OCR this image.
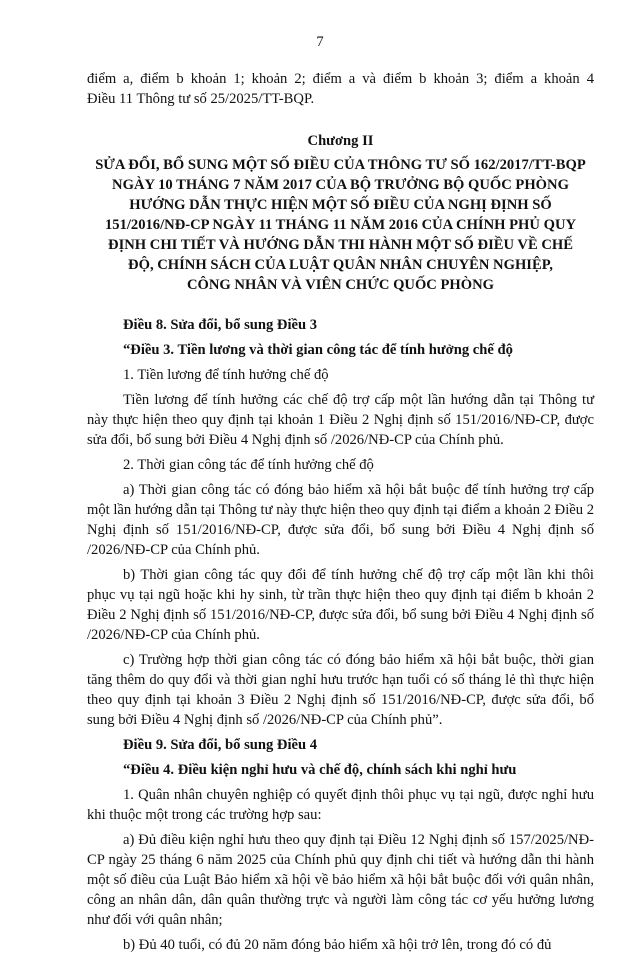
7

điểm a, điểm b khoản 1; khoản 2; điểm a và điểm b khoản 3; điểm a khoản 4

Điều 11 Thông tư số 25/2025/TT-BQP.

Chương II

SỬA ĐỔI, BỔ SUNG MỘT SỐ ĐIỀU CỦA THÔNG TƯ SỐ 162/2017/TT-BQP
NGÀY 10 THÁNG 7 NĂM 2017 CỦA BỘ TRƯỞNG BỘ QUỐC PHÒNG
HƯỚNG DẪN THỰC HIỆN MỘT SỐ ĐIỀU CỦA NGHỊ ĐỊNH SỐ
151/2016/NĐ-CP NGÀY 11 THÁNG 11 NĂM 2016 CỦA CHÍNH PHỦ QUY
ĐỊNH CHI TIẾT VÀ HƯỚNG DẪN THI HÀNH MỘT SỐ ĐIỀU VỀ CHẾ
ĐỘ, CHÍNH SÁCH CỦA LUẬT QUÂN NHÂN CHUYÊN NGHIỆP,
CÔNG NHÂN VÀ VIÊN CHỨC QUỐC PHÒNG

Điều 8. Sửa đổi, bổ sung Điều 3

“Điều 3. Tiền lương và thời gian công tác để tính hưởng chế độ

1. Tiền lương để tính hưởng chế độ

Tiền lương để tính hưởng các chế độ trợ cấp một lần hướng dẫn tại Thông tư này thực hiện theo quy định tại khoản 1 Điều 2 Nghị định số 151/2016/NĐ-CP, được sửa đổi, bổ sung bởi Điều 4 Nghị định số /2026/NĐ-CP của Chính phủ.

2. Thời gian công tác để tính hưởng chế độ

a) Thời gian công tác có đóng bảo hiểm xã hội bắt buộc để tính hưởng trợ cấp một lần hướng dẫn tại Thông tư này thực hiện theo quy định tại điểm a khoản 2 Điều 2 Nghị định số 151/2016/NĐ-CP, được sửa đổi, bổ sung bởi Điều 4 Nghị định số /2026/NĐ-CP của Chính phủ.

b) Thời gian công tác quy đổi để tính hưởng chế độ trợ cấp một lần khi thôi phục vụ tại ngũ hoặc khi hy sinh, từ trần thực hiện theo quy định tại điểm b khoản 2 Điều 2 Nghị định số 151/2016/NĐ-CP, được sửa đổi, bổ sung bởi Điều 4 Nghị định số /2026/NĐ-CP của Chính phủ.

c) Trường hợp thời gian công tác có đóng bảo hiểm xã hội bắt buộc, thời gian tăng thêm do quy đổi và thời gian nghỉ hưu trước hạn tuổi có số tháng lẻ thì thực hiện theo quy định tại khoản 3 Điều 2 Nghị định số 151/2016/NĐ-CP, được sửa đổi, bổ sung bởi Điều 4 Nghị định số /2026/NĐ-CP của Chính phủ”.

Điều 9. Sửa đổi, bổ sung Điều 4

“Điều 4. Điều kiện nghỉ hưu và chế độ, chính sách khi nghỉ hưu

1. Quân nhân chuyên nghiệp có quyết định thôi phục vụ tại ngũ, được nghỉ hưu khi thuộc một trong các trường hợp sau:

a) Đủ điều kiện nghỉ hưu theo quy định tại Điều 12 Nghị định số 157/2025/NĐ-CP ngày 25 tháng 6 năm 2025 của Chính phủ quy định chi tiết và hướng dẫn thi hành một số điều của Luật Bảo hiểm xã hội về bảo hiểm xã hội bắt buộc đối với quân nhân, công an nhân dân, dân quân thường trực và người làm công tác cơ yếu hưởng lương như đối với quân nhân;

b) Đủ 40 tuổi, có đủ 20 năm đóng bảo hiểm xã hội trở lên, trong đó có đủ
